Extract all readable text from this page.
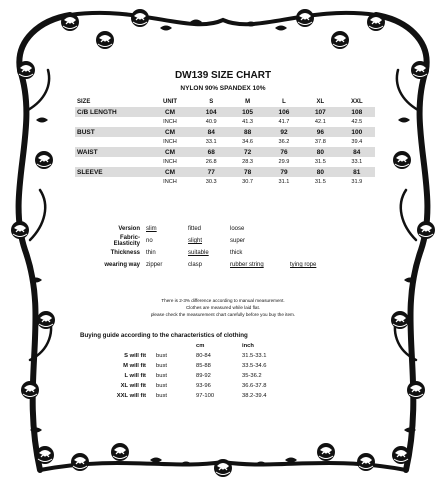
DW139 SIZE CHART
NYLON 90% SPANDEX 10%
SIZE	UNIT	S	M	L	XL	XXL
C/B LENGTH	CM	104	105	106	107	108
	INCH	40.9	41.3	41.7	42.1	42.5
BUST	CM	84	88	92	96	100
	INCH	33.1	34.6	36.2	37.8	39.4
WAIST	CM	68	72	76	80	84
	INCH	26.8	28.3	29.9	31.5	33.1
SLEEVE	CM	77	78	79	80	81
	INCH	30.3	30.7	31.1	31.5	31.9
Version	slim	fitted	loose
Fabric-Elasticity	no	slight	super
Thickness	thin	suitable	thick
wearing way	zipper	clasp	rubber string	tying rope
There is 2-3% difference according to manual measurement.
Clothes are measured while laid flat.
please check the measurement chart carefully before you buy the item.
Buying guide according to the characteristics of clothing
		cm	inch
S will fit	bust	80-84	31.5-33.1
M will fit	bust	85-88	33.5-34.6
L will fit	bust	89-92	35-36.2
XL will fit	bust	93-96	36.6-37.8
XXL will fit	bust	97-100	38.2-39.4
